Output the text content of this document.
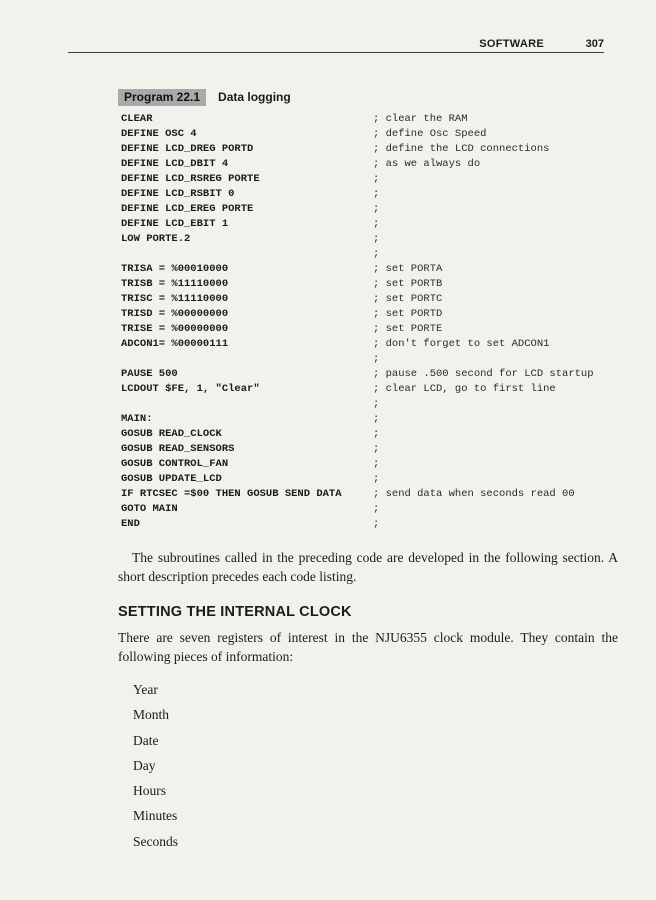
SOFTWARE	307
Program 22.1 Data logging
CLEAR	; clear the RAM
DEFINE OSC 4	; define Osc Speed
DEFINE LCD_DREG PORTD	; define the LCD connections
DEFINE LCD_DBIT 4	; as we always do
DEFINE LCD_RSREG PORTE	;
DEFINE LCD_RSBIT 0	;
DEFINE LCD_EREG PORTE	;
DEFINE LCD_EBIT 1	;
LOW PORTE.2	;
;
TRISA = %00010000	; set PORTA
TRISB = %11110000	; set PORTB
TRISC = %11110000	; set PORTC
TRISD = %00000000	; set PORTD
TRISE = %00000000	; set PORTE
ADCON1= %00000111	; don't forget to set ADCON1
;
PAUSE 500	; pause .500 second for LCD startup
LCDOUT $FE, 1, "Clear"	; clear LCD, go to first line
;
MAIN:	;
GOSUB READ_CLOCK	;
GOSUB READ_SENSORS	;
GOSUB CONTROL_FAN	;
GOSUB UPDATE_LCD	;
IF RTCSEC =$00 THEN GOSUB SEND DATA	; send data when seconds read 00
GOTO MAIN	;
END	;

The subroutines called in the preceding code are developed in the following section. A short description precedes each code listing.

SETTING THE INTERNAL CLOCK

There are seven registers of interest in the NJU6355 clock module. They contain the following pieces of information:

Year
Month
Date
Day
Hours
Minutes
Seconds
